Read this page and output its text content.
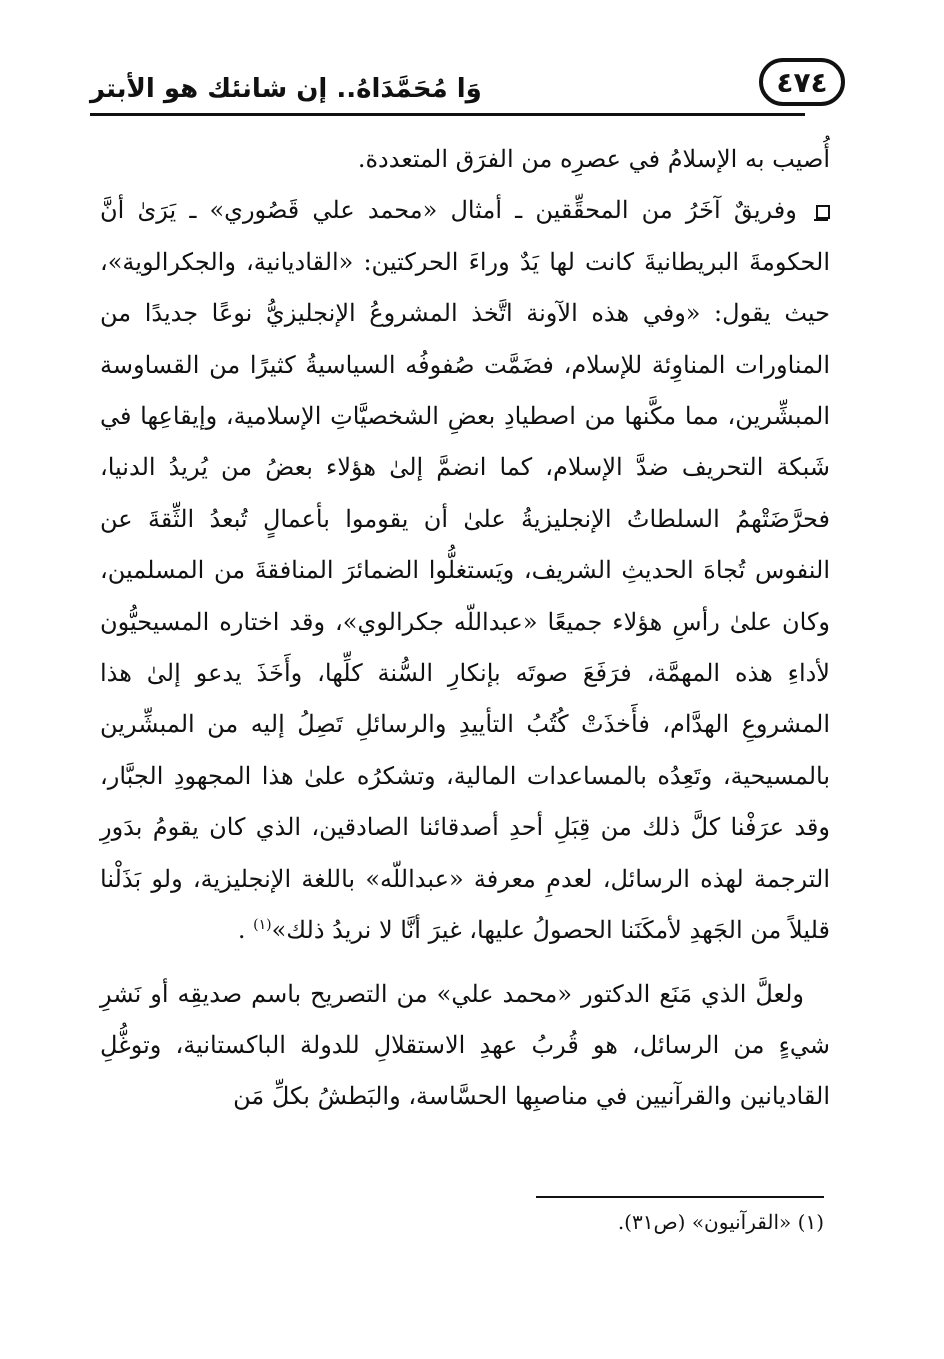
٤٧٤
وَا مُحَمَّدَاهُ.. إن شانئك هو الأبتر

أُصيب به الإسلامُ في عصرِه من الفرَق المتعددة.

وفريقٌ آخَرُ من المحقِّقين ـ أمثال «محمد علي قَصُوري» ـ يَرَىٰ أنَّ الحكومةَ البريطانيةَ كانت لها يَدٌ وراءَ الحركتين: «القاديانية، والجكرالوية»، حيث يقول: «وفي هذه الآونة اتَّخذ المشروعُ الإنجليزيُّ نوعًا جديدًا من المناورات المناوِئة للإسلام، فضَمَّت صُفوفُه السياسيةُ كثيرًا من القساوسة المبشِّرين، مما مكَّنها من اصطيادِ بعضِ الشخصيَّاتِ الإسلامية، وإيقاعِها في شَبكة التحريف ضدَّ الإسلام، كما انضمَّ إلىٰ هؤلاء بعضُ من يُريدُ الدنيا، فحرَّضَتْهمُ السلطاتُ الإنجليزيةُ علىٰ أن يقوموا بأعمالٍ تُبعدُ الثِّقةَ عن النفوس تُجاهَ الحديثِ الشريف، ويَستغلُّوا الضمائرَ المنافقةَ من المسلمين، وكان علىٰ رأسِ هؤلاء جميعًا «عبداللّه جكرالوي»، وقد اختاره المسيحيُّون لأداءِ هذه المهمَّة، فرَفَعَ صوتَه بإنكارِ السُّنة كلِّها، وأَخَذَ يدعو إلىٰ هذا المشروعِ الهدَّام، فأَخذَتْ كُتُبُ التأييدِ والرسائلِ تَصِلُ إليه من المبشِّرين بالمسيحية، وتَعِدُه بالمساعدات المالية، وتشكرُه علىٰ هذا المجهودِ الجبَّار، وقد عرَفْنا كلَّ ذلك من قِبَلِ أحدِ أصدقائنا الصادقين، الذي كان يقومُ بدَورِ الترجمة لهذه الرسائل، لعدمِ معرفة «عبداللّه» باللغة الإنجليزية، ولو بَذَلْنا قليلاً من الجَهدِ لأمكَنَنا الحصولُ عليها، غيرَ أنَّا لا نريدُ ذلك»$^{(١)}$ .

ولعلَّ الذي مَنَع الدكتور «محمد علي» من التصريح باسم صديقِه أو نَشرِ شيءٍ من الرسائل، هو قُربُ عهدِ الاستقلالِ للدولة الباكستانية، وتوغُّلِ القاديانين والقرآنيين في مناصبِها الحسَّاسة، والبَطشُ بكلِّ مَن

(١) «القرآنيون» (ص٣١).
